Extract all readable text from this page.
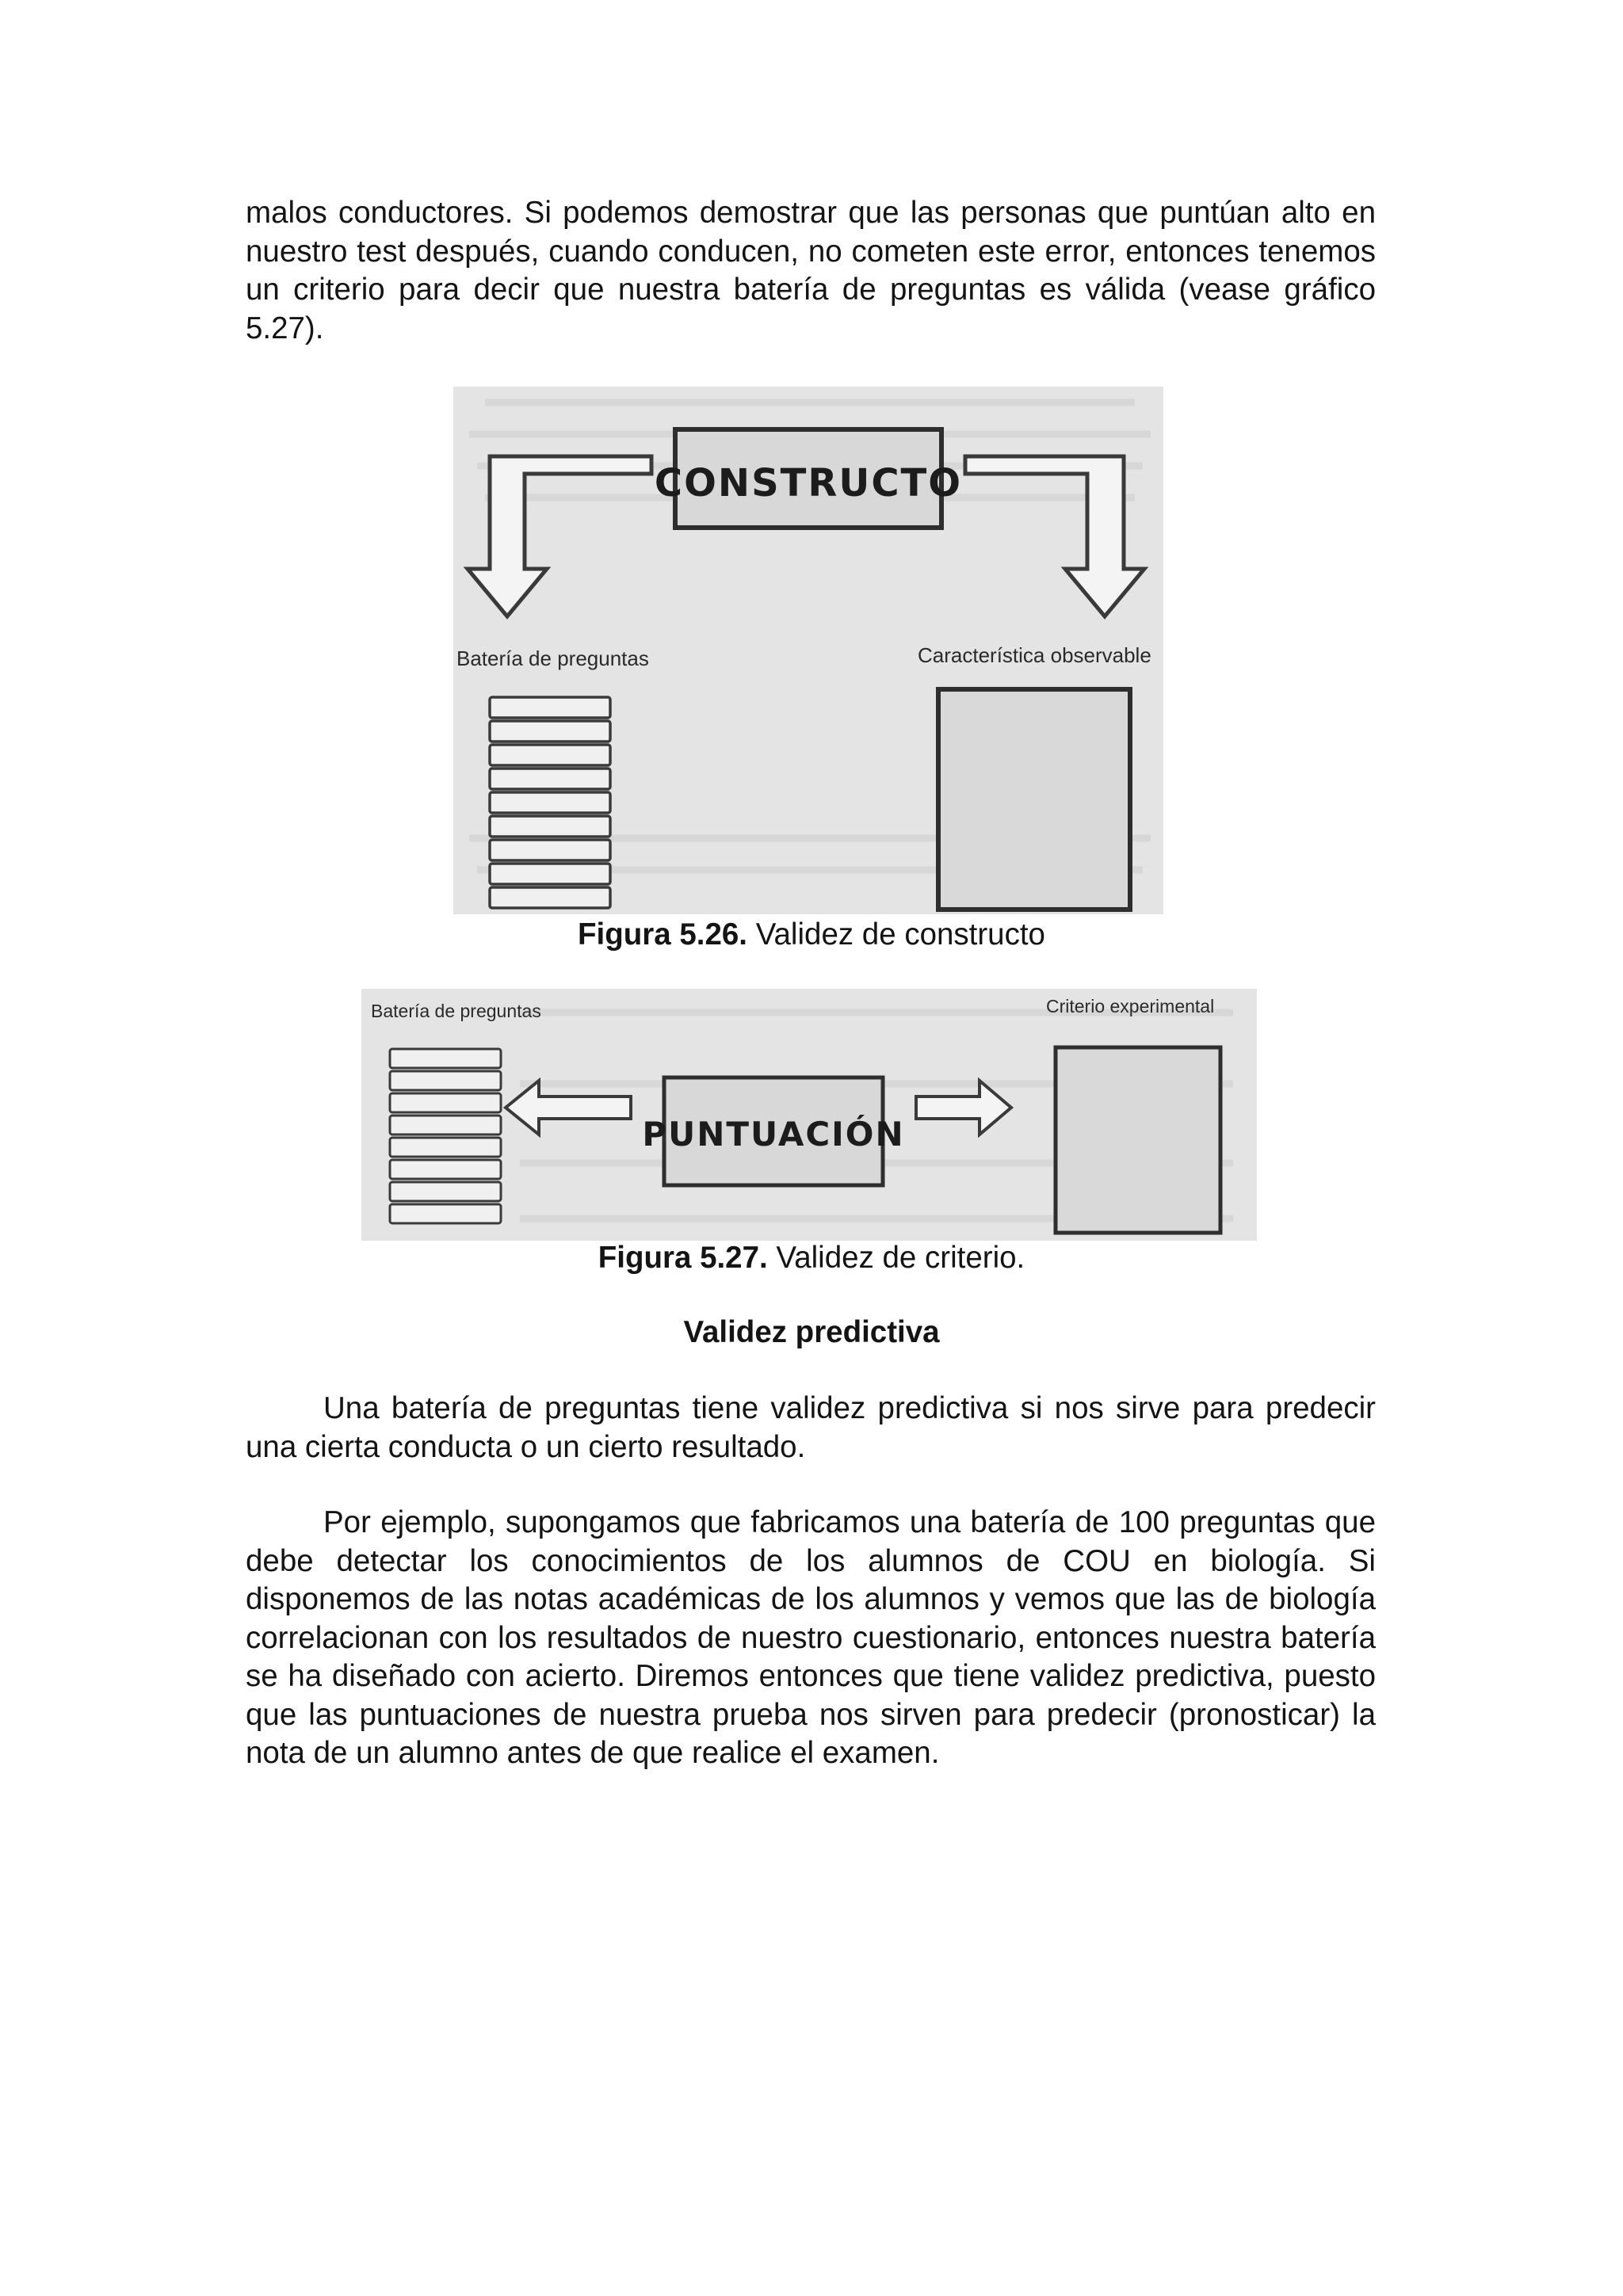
malos conductores. Si podemos demostrar que las personas que puntúan alto en nuestro test después, cuando conducen, no cometen este error, entonces tenemos un criterio para decir que nuestra batería de preguntas es válida (vease gráfico 5.27).

CONSTRUCTO
Batería de preguntas	Característica observable
Figura 5.26. Validez de constructo
Batería de preguntas	Criterio experimental
PUNTUACIÓN
Figura 5.27. Validez de criterio.
Validez predictiva

Una batería de preguntas tiene validez predictiva si nos sirve para predecir una cierta conducta o un cierto resultado.

Por ejemplo, supongamos que fabricamos una batería de 100 preguntas que debe detectar los conocimientos de los alumnos de COU en biología. Si disponemos de las notas académicas de los alumnos y vemos que las de biología correlacionan con los resultados de nuestro cuestionario, entonces nuestra batería se ha diseñado con acierto. Diremos entonces que tiene validez predictiva, puesto que las puntuaciones de nuestra prueba nos sirven para predecir (pronosticar) la nota de un alumno antes de que realice el examen.
